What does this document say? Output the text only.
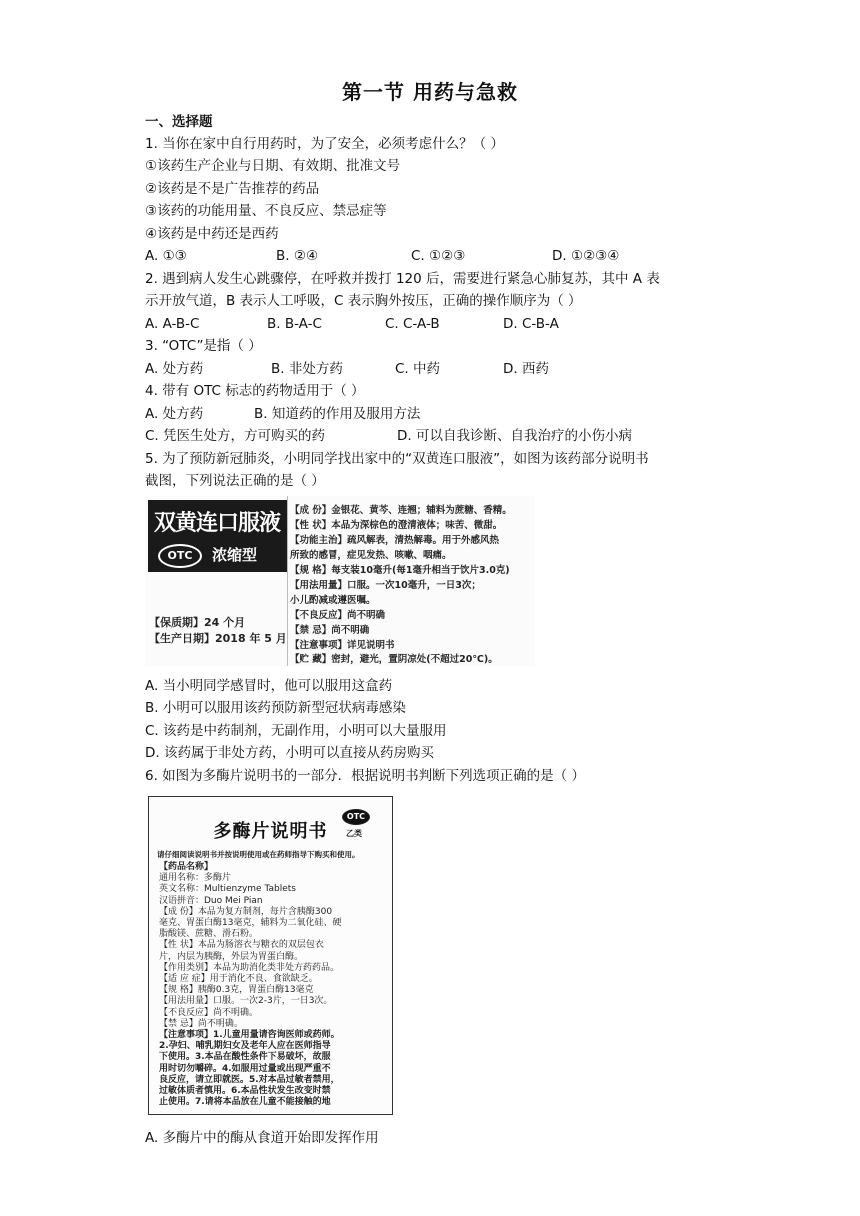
第一节 用药与急救
一、选择题
1. 当你在家中自行用药时，为了安全，必须考虑什么？（ ）
①该药生产企业与日期、有效期、批准文号
②该药是不是广告推荐的药品
③该药的功能用量、不良反应、禁忌症等
④该药是中药还是西药
A. ①③	B. ②④	C. ①②③	D. ①②③④
2. 遇到病人发生心跳骤停，在呼救并拨打 120 后，需要进行紧急心肺复苏，其中 A 表
示开放气道，B 表示人工呼吸，C 表示胸外按压，正确的操作顺序为（ ）
A. A-B-C	B. B-A-C	C. C-A-B	D. C-B-A
3. “OTC”是指（ ）
A. 处方药	B. 非处方药	C. 中药	D. 西药
4. 带有 OTC 标志的药物适用于（ ）
A. 处方药	B. 知道药的作用及服用方法
C. 凭医生处方，方可购买的药	D. 可以自我诊断、自我治疗的小伤小病
5. 为了预防新冠肺炎，小明同学找出家中的“双黄连口服液”，如图为该药部分说明书
截图，下列说法正确的是（ ）
双黄连口服液
OTC	浓缩型
【保质期】24 个月
【生产日期】2018 年 5 月
【成 份】金银花、黄芩、连翘；辅料为蔗糖、香精。
【性 状】本品为深棕色的澄清液体；味苦、微甜。
【功能主治】疏风解表，清热解毒。用于外感风热
所致的感冒，症见发热、咳嗽、咽痛。
【规 格】每支装10毫升(每1毫升相当于饮片3.0克)
【用法用量】口服。一次10毫升，一日3次；
小儿酌减或遵医嘱。
【不良反应】尚不明确
【禁 忌】尚不明确
【注意事项】详见说明书
【贮 藏】密封，避光，置阴凉处(不超过20℃)。
A. 当小明同学感冒时，他可以服用这盒药
B. 小明可以服用该药预防新型冠状病毒感染
C. 该药是中药制剂，无副作用，小明可以大量服用
D. 该药属于非处方药，小明可以直接从药房购买
6. 如图为多酶片说明书的一部分．根据说明书判断下列选项正确的是（ ）
多酶片说明书
OTC
乙类
请仔细阅读说明书并按说明使用或在药师指导下购买和使用。
【药品名称】
通用名称：多酶片
英文名称：Multienzyme Tablets
汉语拼音：Duo Mei Pian
【成 份】本品为复方制剂，每片含胰酶300
毫克、胃蛋白酶13毫克，辅料为二氧化硅、硬
脂酸镁、蔗糖、滑石粉。
【性 状】本品为肠溶衣与糖衣的双层包衣
片，内层为胰酶，外层为胃蛋白酶。
【作用类别】本品为助消化类非处方药药品。
【适 应 症】用于消化不良、食欲缺乏。
【规 格】胰酶0.3克，胃蛋白酶13毫克
【用法用量】口服。一次2-3片，一日3次。
【不良反应】尚不明确。
【禁 忌】尚不明确。
【注意事项】1.儿童用量请咨询医师或药师。
2.孕妇、哺乳期妇女及老年人应在医师指导
下使用。3.本品在酸性条件下易破坏，故服
用时切勿嚼碎。4.如服用过量或出现严重不
良反应，请立即就医。5.对本品过敏者禁用，
过敏体质者慎用。6.本品性状发生改变时禁
止使用。7.请将本品放在儿童不能接触的地
A. 多酶片中的酶从食道开始即发挥作用
